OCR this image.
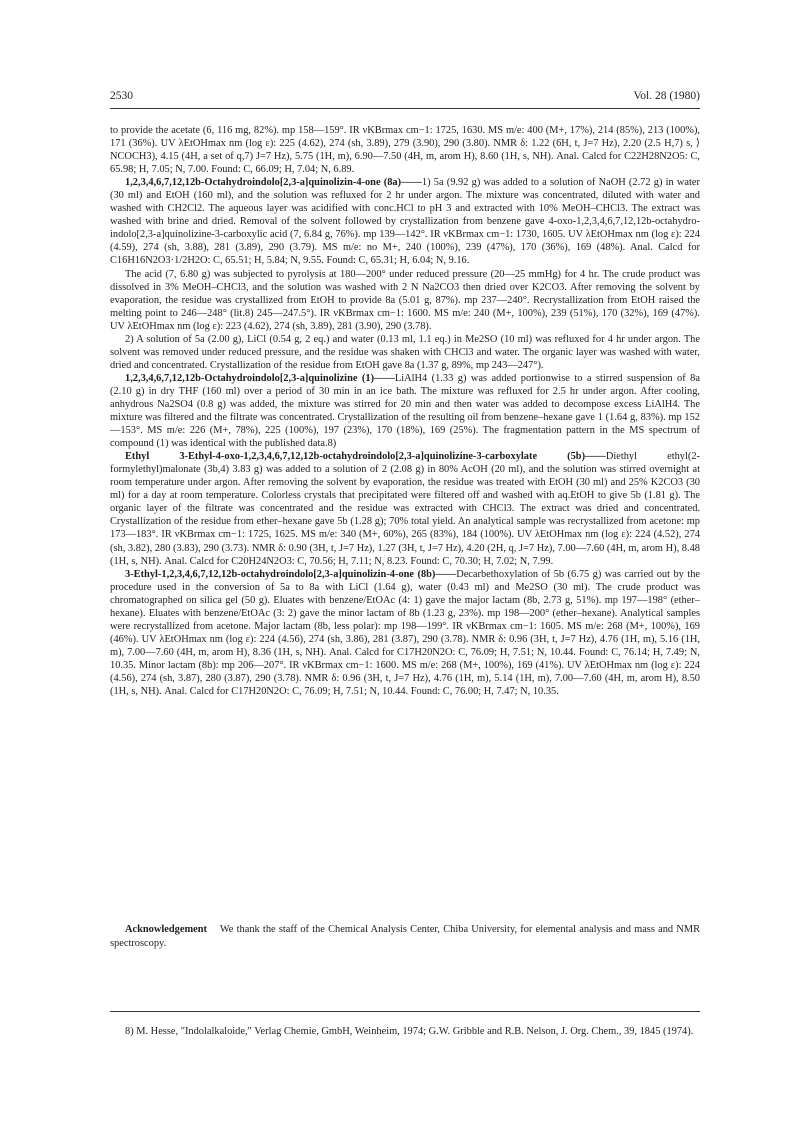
2530	Vol. 28 (1980)

to provide the acetate (6, 116 mg, 82%). mp 158—159°. IR νKBrmax cm−1: 1725, 1630. MS m/e: 400 (M+, 17%), 214 (85%), 213 (100%), 171 (36%). UV λEtOHmax nm (log ε): 225 (4.62), 274 (sh, 3.89), 279 (3.90), 290 (3.80). NMR δ: 1.22 (6H, t, J=7 Hz), 2.20 (2.5 H,7) s, ⟩NCOCH3), 4.15 (4H, a set of q,7) J=7 Hz), 5.75 (1H, m), 6.90—7.50 (4H, m, arom H), 8.60 (1H, s, NH). Anal. Calcd for C22H28N2O5: C, 65.98; H, 7.05; N, 7.00. Found: C, 66.09; H, 7.04; N, 6.89.

1,2,3,4,6,7,12,12b-Octahydroindolo[2,3-a]quinolizin-4-one (8a)——1) 5a (9.92 g) was added to a solution of NaOH (2.72 g) in water (30 ml) and EtOH (160 ml), and the solution was refluxed for 2 hr under argon. The mixture was concentrated, diluted with water and washed with CH2Cl2. The aqueous layer was acidified with conc.HCl to pH 3 and extracted with 10% MeOH–CHCl3. The extract was washed with brine and dried. Removal of the solvent followed by crystallization from benzene gave 4-oxo-1,2,3,4,6,7,12,12b-octahydro-indolo[2,3-a]quinolizine-3-carboxylic acid (7, 6.84 g, 76%). mp 139—142°. IR νKBrmax cm−1: 1730, 1605. UV λEtOHmax nm (log ε): 224 (4.59), 274 (sh, 3.88), 281 (3.89), 290 (3.79). MS m/e: no M+, 240 (100%), 239 (47%), 170 (36%), 169 (48%). Anal. Calcd for C16H16N2O3·1/2H2O: C, 65.51; H, 5.84; N, 9.55. Found: C, 65.31; H, 6.04; N, 9.16.

The acid (7, 6.80 g) was subjected to pyrolysis at 180—200° under reduced pressure (20—25 mmHg) for 4 hr. The crude product was dissolved in 3% MeOH–CHCl3, and the solution was washed with 2 N Na2CO3 then dried over K2CO3. After removing the solvent by evaporation, the residue was crystallized from EtOH to provide 8a (5.01 g, 87%). mp 237—240°. Recrystallization from EtOH raised the melting point to 246—248° (lit.8) 245—247.5°). IR νKBrmax cm−1: 1600. MS m/e: 240 (M+, 100%), 239 (51%), 170 (32%), 169 (47%). UV λEtOHmax nm (log ε): 223 (4.62), 274 (sh, 3.89), 281 (3.90), 290 (3.78).

2) A solution of 5a (2.00 g), LiCl (0.54 g, 2 eq.) and water (0.13 ml, 1.1 eq.) in Me2SO (10 ml) was refluxed for 4 hr under argon. The solvent was removed under reduced pressure, and the residue was shaken with CHCl3 and water. The organic layer was washed with water, dried and concentrated. Crystallization of the residue from EtOH gave 8a (1.37 g, 89%, mp 243—247°).

1,2,3,4,6,7,12,12b-Octahydroindolo[2,3-a]quinolizine (1)——LiAlH4 (1.33 g) was added portionwise to a stirred suspension of 8a (2.10 g) in dry THF (160 ml) over a period of 30 min in an ice bath. The mixture was refluxed for 2.5 hr under argon. After cooling, anhydrous Na2SO4 (0.8 g) was added, the mixture was stirred for 20 min and then water was added to decompose excess LiAlH4. The mixture was filtered and the filtrate was concentrated. Crystallization of the resulting oil from benzene–hexane gave 1 (1.64 g, 83%). mp 152—153°. MS m/e: 226 (M+, 78%), 225 (100%), 197 (23%), 170 (18%), 169 (25%). The fragmentation pattern in the MS spectrum of compound (1) was identical with the published data.8)

Ethyl 3-Ethyl-4-oxo-1,2,3,4,6,7,12,12b-octahydroindolo[2,3-a]quinolizine-3-carboxylate (5b)——Diethyl ethyl(2-formylethyl)malonate (3b,4) 3.83 g) was added to a solution of 2 (2.08 g) in 80% AcOH (20 ml), and the solution was stirred overnight at room temperature under argon. After removing the solvent by evaporation, the residue was treated with EtOH (30 ml) and 25% K2CO3 (30 ml) for a day at room temperature. Colorless crystals that precipitated were filtered off and washed with aq.EtOH to give 5b (1.81 g). The organic layer of the filtrate was concentrated and the residue was extracted with CHCl3. The extract was dried and concentrated. Crystallization of the residue from ether–hexane gave 5b (1.28 g); 70% total yield. An analytical sample was recrystallized from acetone: mp 173—183°. IR νKBrmax cm−1: 1725, 1625. MS m/e: 340 (M+, 60%), 265 (83%), 184 (100%). UV λEtOHmax nm (log ε): 224 (4.52), 274 (sh, 3.82), 280 (3.83), 290 (3.73). NMR δ: 0.90 (3H, t, J=7 Hz), 1.27 (3H, t, J=7 Hz), 4.20 (2H, q, J=7 Hz), 7.00—7.60 (4H, m, arom H), 8.48 (1H, s, NH). Anal. Calcd for C20H24N2O3: C, 70.56; H, 7.11; N, 8.23. Found: C, 70.30; H, 7.02; N, 7.99.

3-Ethyl-1,2,3,4,6,7,12,12b-octahydroindolo[2,3-a]quinolizin-4-one (8b)——Decarbethoxylation of 5b (6.75 g) was carried out by the procedure used in the conversion of 5a to 8a with LiCl (1.64 g), water (0.43 ml) and Me2SO (30 ml). The crude product was chromatographed on silica gel (50 g). Eluates with benzene/EtOAc (4: 1) gave the major lactam (8b, 2.73 g, 51%). mp 197—198° (ether–hexane). Eluates with benzene/EtOAc (3: 2) gave the minor lactam of 8b (1.23 g, 23%). mp 198—200° (ether–hexane). Analytical samples were recrystallized from acetone. Major lactam (8b, less polar): mp 198—199°. IR νKBrmax cm−1: 1605. MS m/e: 268 (M+, 100%), 169 (46%). UV λEtOHmax nm (log ε): 224 (4.56), 274 (sh, 3.86), 281 (3.87), 290 (3.78). NMR δ: 0.96 (3H, t, J=7 Hz), 4.76 (1H, m), 5.16 (1H, m), 7.00—7.60 (4H, m, arom H), 8.36 (1H, s, NH). Anal. Calcd for C17H20N2O: C, 76.09; H, 7.51; N, 10.44. Found: C, 76.14; H, 7.49; N, 10.35. Minor lactam (8b): mp 206—207°. IR νKBrmax cm−1: 1600. MS m/e: 268 (M+, 100%), 169 (41%). UV λEtOHmax nm (log ε): 224 (4.56), 274 (sh, 3.87), 280 (3.87), 290 (3.78). NMR δ: 0.96 (3H, t, J=7 Hz), 4.76 (1H, m), 5.14 (1H, m), 7.00—7.60 (4H, m, arom H), 8.50 (1H, s, NH). Anal. Calcd for C17H20N2O: C, 76.09; H, 7.51; N, 10.44. Found: C, 76.00; H, 7.47; N, 10.35.

Acknowledgement We thank the staff of the Chemical Analysis Center, Chiba University, for elemental analysis and mass and NMR spectroscopy.

8) M. Hesse, "Indolalkaloide," Verlag Chemie, GmbH, Weinheim, 1974; G.W. Gribble and R.B. Nelson, J. Org. Chem., 39, 1845 (1974).
